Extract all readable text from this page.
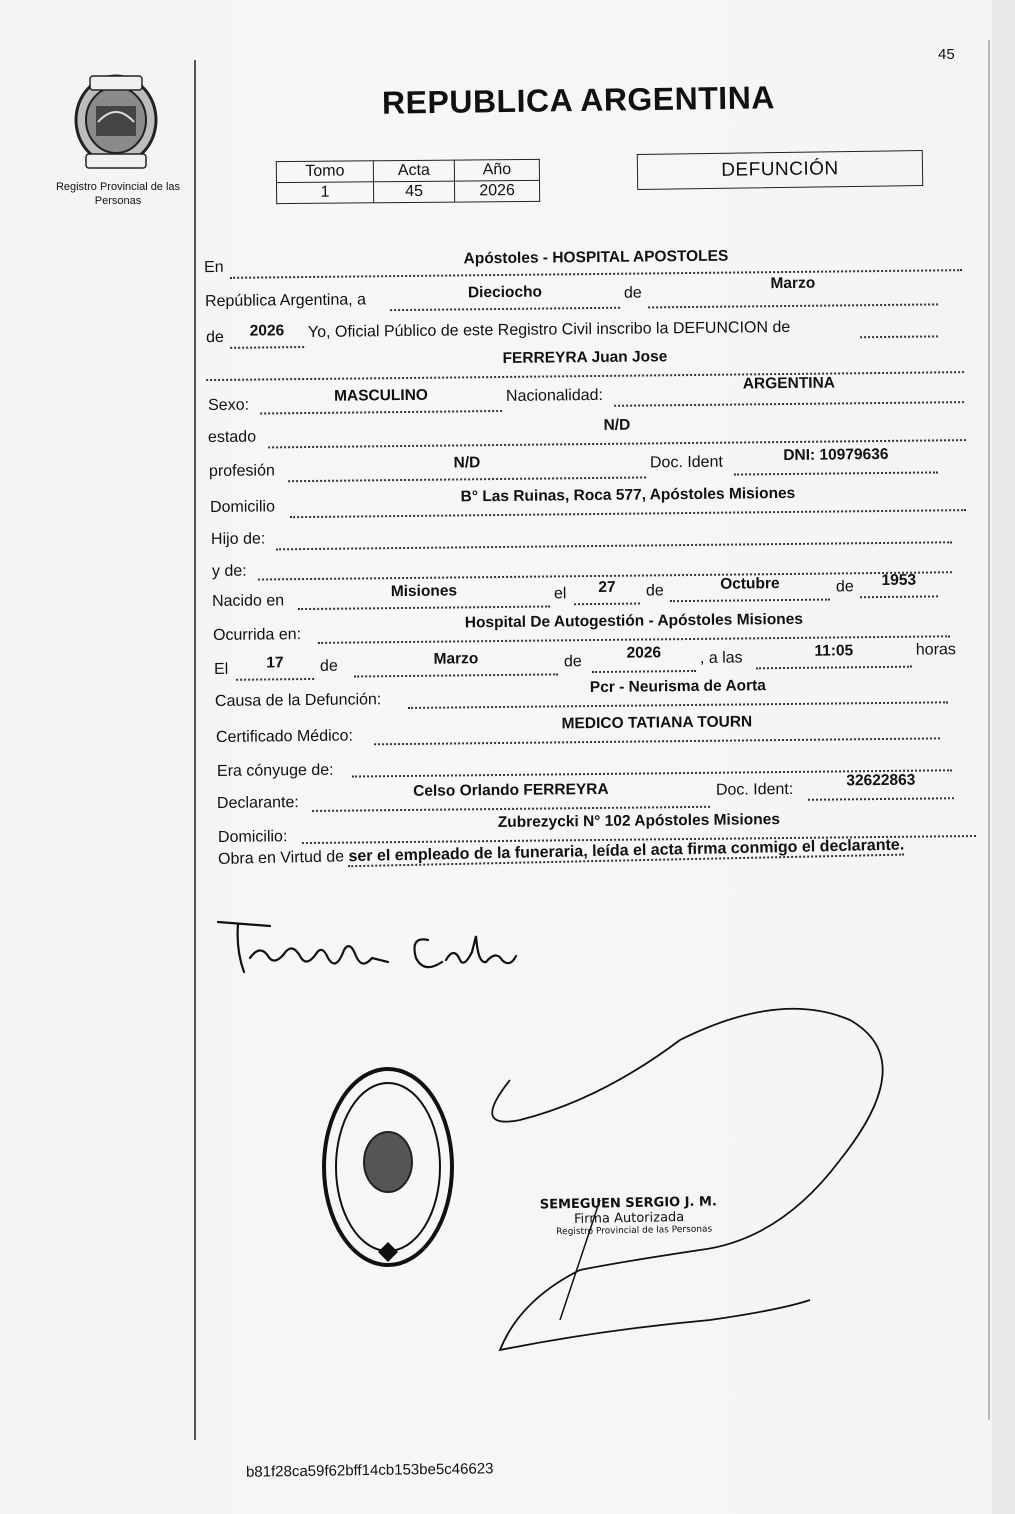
45
Registro Provincial de las Personas
REPUBLICA ARGENTINA
Tomo	Acta	Año
1	45	2026
DEFUNCIÓN
En
Apóstoles - HOSPITAL APOSTOLES
República Argentina, a	Dieciocho	de
Marzo
de	2026	Yo, Oficial Público de este Registro Civil inscribo la DEFUNCION de
FERREYRA Juan Jose
Sexo:
MASCULINO	Nacionalidad:
ARGENTINA
estado
N/D
profesión	N/D	Doc. Ident	DNI: 10979636
Domicilio
B° Las Ruinas, Roca 577, Apóstoles Misiones
Hijo de:
y de:
Nacido en
Misiones	el	27	de	Octubre	de	1953
Ocurrida en:
Hospital De Autogestión - Apóstoles Misiones
El	17	de	Marzo	de
2026	, a las	11:05	horas
Causa de la Defunción:
Pcr - Neurisma de Aorta
Certificado Médico:
MEDICO TATIANA TOURN
Era cónyuge de:
Declarante:
Celso Orlando FERREYRA	Doc. Ident:
32622863
Domicilio:
Zubrezycki N° 102 Apóstoles Misiones
Obra en Virtud de ser el empleado de la funeraria, leída el acta firma conmigo el declarante.
SEMEGUEN SERGIO J. M.
Firma Autorizada
Registro Provincial de las Personas
b81f28ca59f62bff14cb153be5c46623
